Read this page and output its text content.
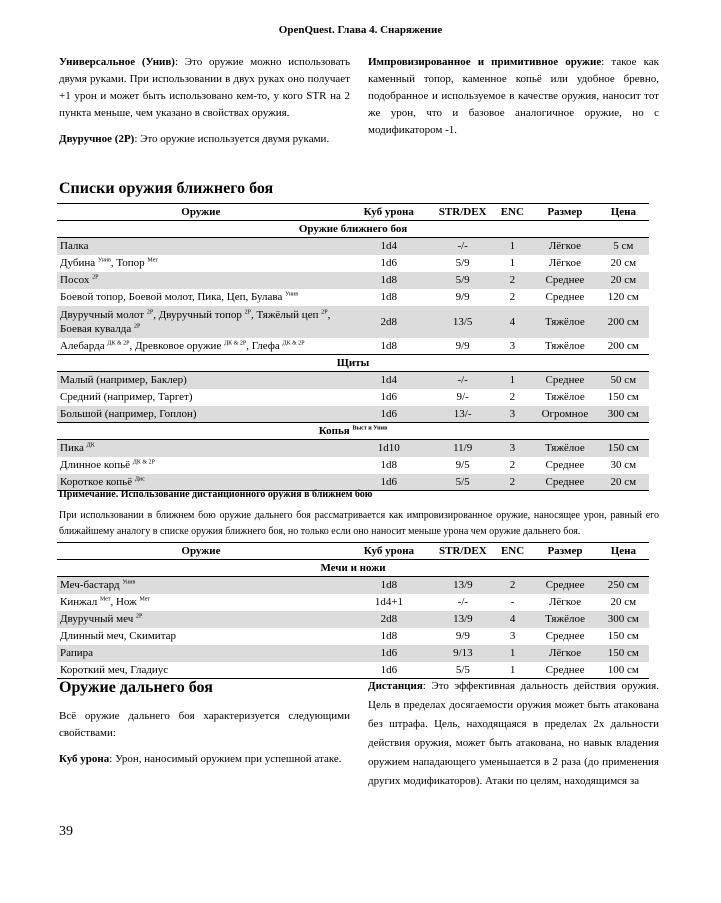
OpenQuest. Глава 4. Снаряжение

Универсальное (Унив): Это оружие можно использовать двумя руками. При использовании в двух руках оно получает +1 урон и может быть использовано кем-то, у кого STR на 2 пункта меньше, чем указано в свойствах оружия.

Двуручное (2Р): Это оружие используется двумя руками.

Импровизированное и примитивное оружие: такое как каменный топор, каменное копьё или удобное бревно, подобранное и используемое в качестве оружия, наносит тот же урон, что и базовое аналогичное оружие, но с модификатором -1.

Списки оружия ближнего боя
Оружие	Куб урона	STR/DEX	ENC	Размер	Цена
Оружие ближнего боя					
Палка	1d4	-/-	1	Лёгкое	5 см
Дубина $^{Унив}$, Топор $^{Мет}$	1d6	5/9	1	Лёгкое	20 см
Посох $^{2Р}$	1d8	5/9	2	Среднее	20 см
Боевой топор, Боевой молот, Пика, Цеп, Булава $^{Унив}$	1d8	9/9	2	Среднее	120 см
Двуручный молот $^{2Р}$, Двуручный топор $^{2Р}$, Тяжёлый цеп $^{2Р}$, Боевая кувалда $^{2Р}$	2d8	13/5	4	Тяжёлое	200 см
Алебарда $^{ДК \& 2Р}$, Древковое оружие $^{ДК \& 2Р}$, Глефа $^{ДК \& 2Р}$	1d8	9/9	3	Тяжёлое	200 см
Щиты					
Малый (например, Баклер)	1d4	-/-	1	Среднее	50 см
Средний (например, Таргет)	1d6	9/-	2	Тяжёлое	150 см
Большой (например, Гоплон)	1d6	13/-	3	Огромное	300 см
Копья $^{Выст и Унив}$
Пика $^{ДК}$	1d10	11/9	3	Тяжёлое	150 см
Длинное копьё $^{ДК \& 2Р}$	1d8	9/5	2	Среднее	30 см
Короткое копьё $^{Дис}$	1d6	5/5	2	Среднее	20 см
Примечание. Использование дистанционного оружия в ближнем бою
При использовании в ближнем бою оружие дальнего боя рассматривается как импровизированное оружие, наносящее урон, равный его ближайшему аналогу в списке оружия ближнего боя, но только если оно наносит меньше урона чем оружие дальнего боя.
Оружие	Куб урона	STR/DEX	ENC	Размер	Цена
Мечи и ножи					
Меч-бастард $^{Унив}$	1d8	13/9	2	Среднее	250 см
Кинжал $^{Мет}$, Нож $^{Мет}$	1d4+1	-/-	-	Лёгкое	20 см
Двуручный меч $^{2Р}$	2d8	13/9	4	Тяжёлое	300 см
Длинный меч, Скимитар	1d8	9/9	3	Среднее	150 см
Рапира	1d6	9/13	1	Лёгкое	150 см
Короткий меч, Гладиус	1d6	5/5	1	Среднее	100 см
Оружие дальнего боя

Всё оружие дальнего боя характеризуется следующими свойствами:

Куб урона: Урон, наносимый оружием при успешной атаке.

Дистанция: Это эффективная дальность действия оружия. Цель в пределах досягаемости оружия может быть атакована без штрафа. Цель, находящаяся в пределах 2х дальности действия оружия, может быть атакована, но навык владения оружием нападающего уменьшается в 2 раза (до применения других модификаторов). Атаки по целям, находящимся за

39
